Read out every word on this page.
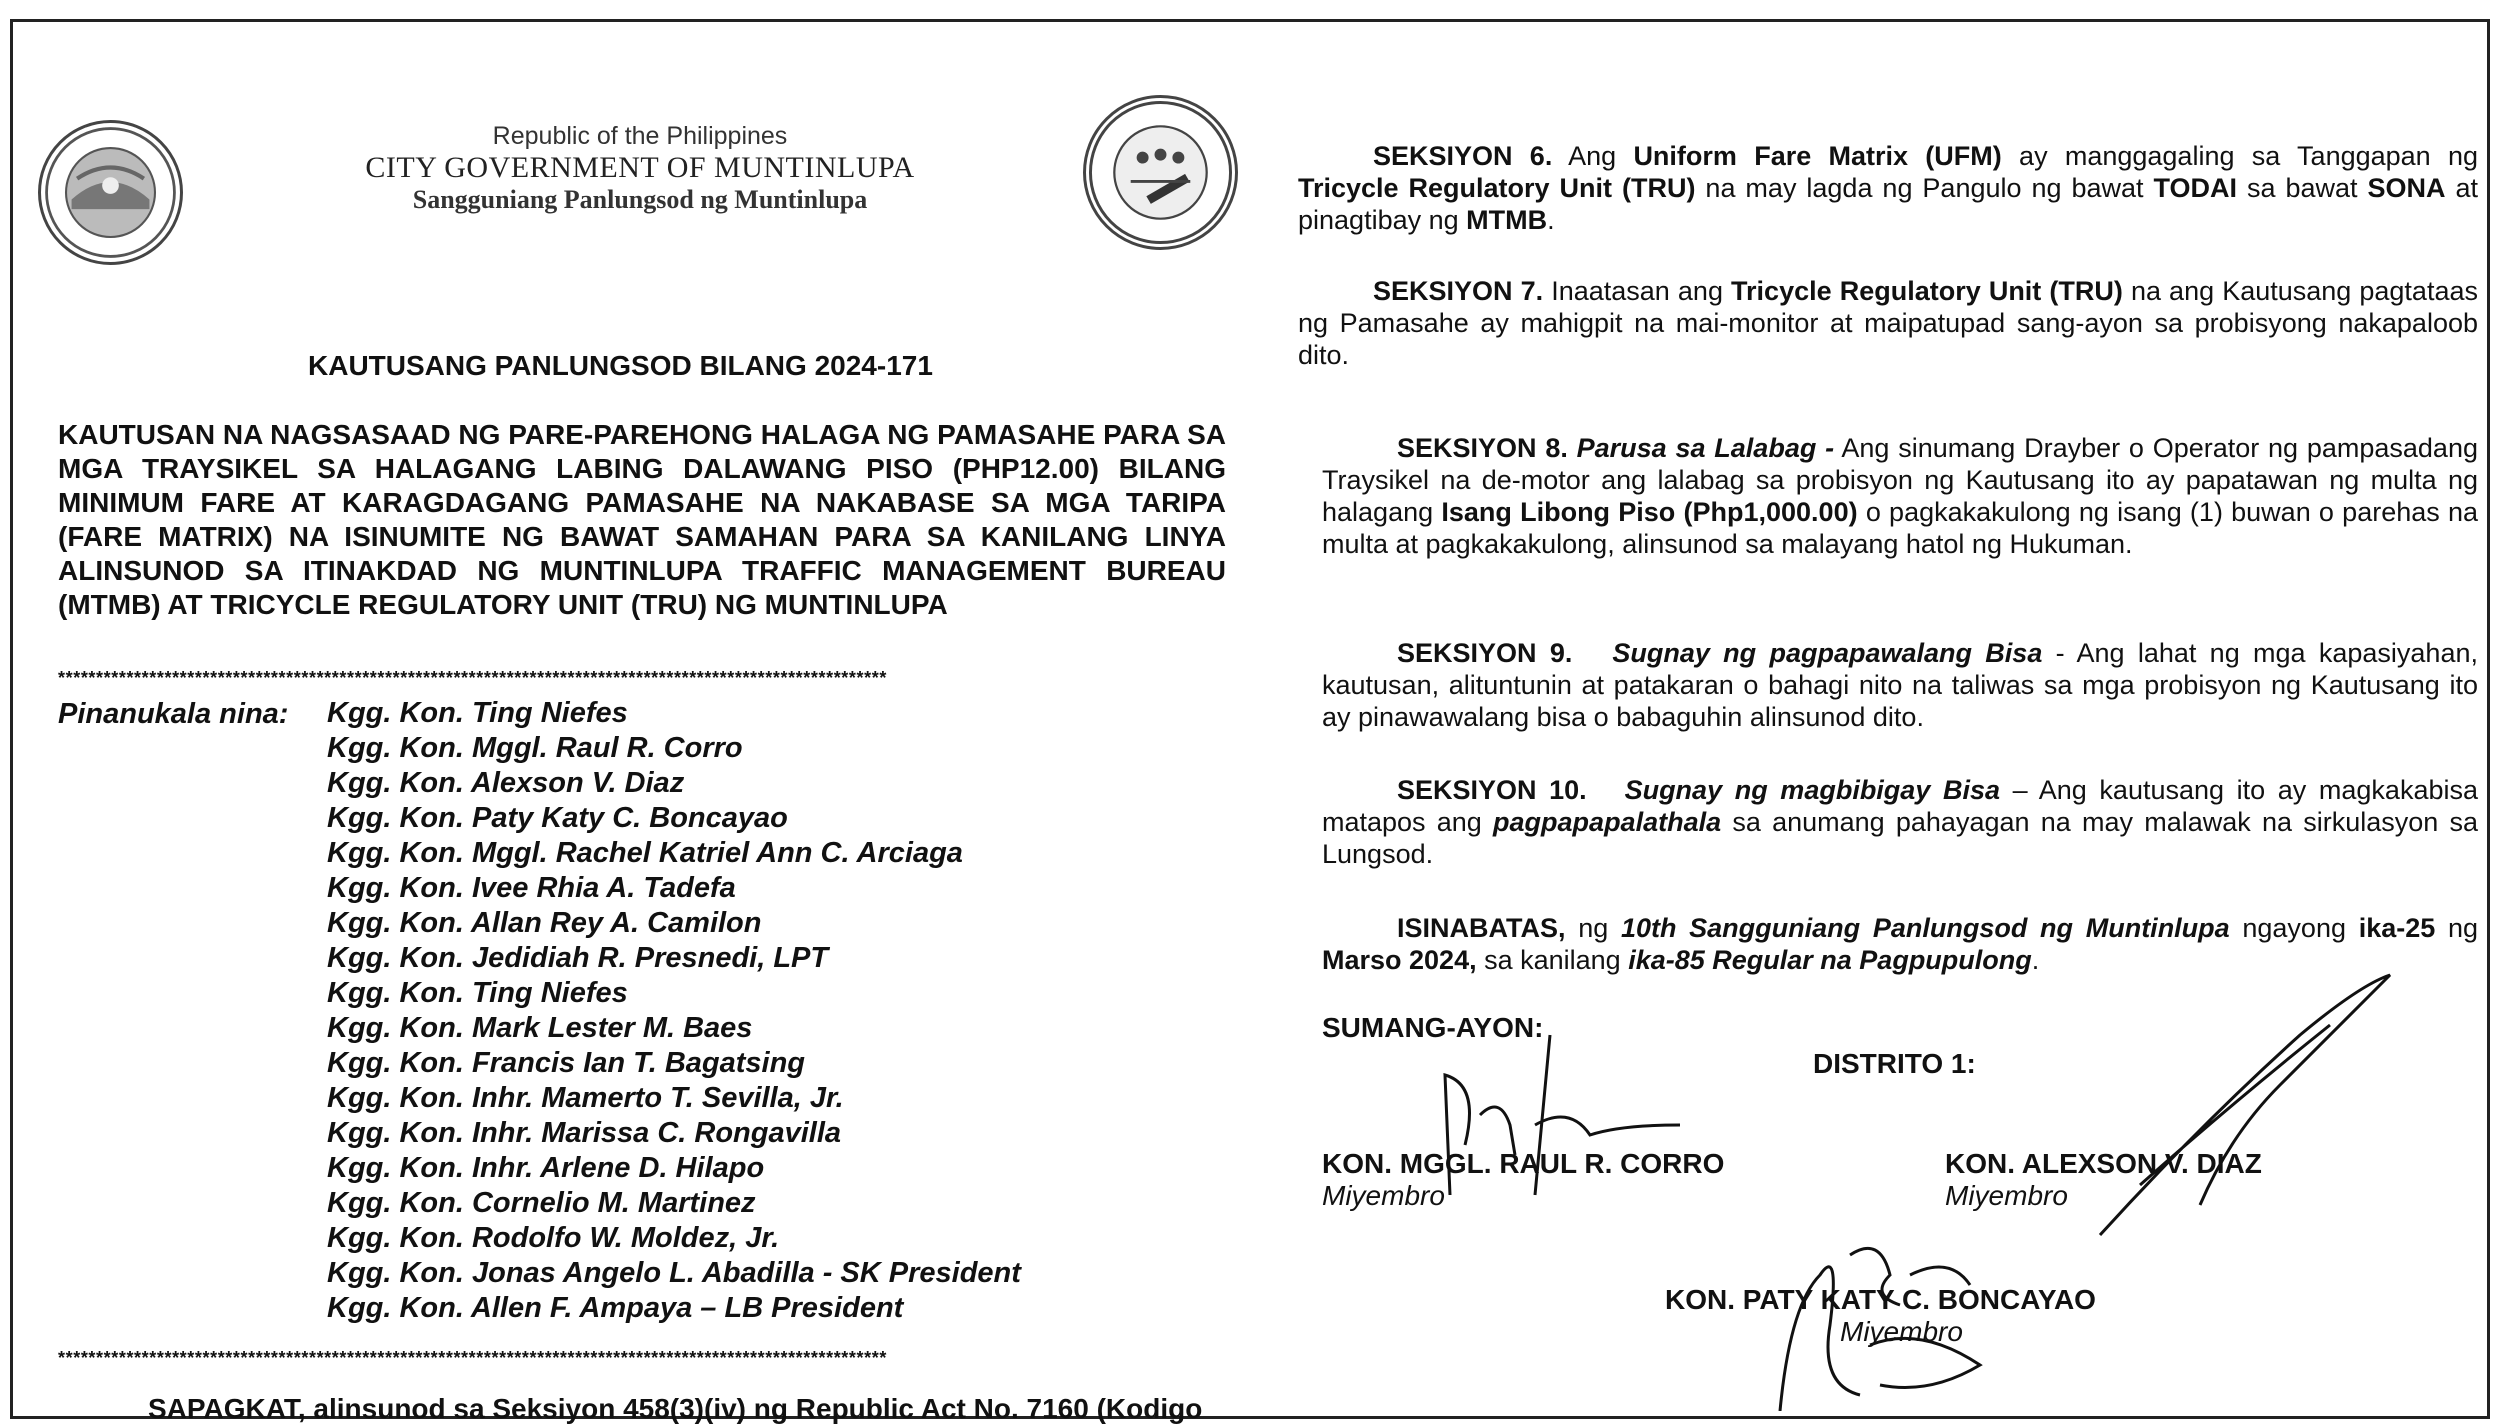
Republic of the Philippines
CITY GOVERNMENT OF MUNTINLUPA
Sangguniang Panlungsod ng Muntinlupa
KAUTUSANG PANLUNGSOD BILANG 2024-171
KAUTUSAN NA NAGSASAAD NG PARE-PAREHONG HALAGA NG PAMASAHE PARA SA MGA TRAYSIKEL SA HALAGANG LABING DALAWANG PISO (PHP12.00) BILANG MINIMUM FARE AT KARAGDAGANG PAMASAHE NA NAKABASE SA MGA TARIPA (FARE MATRIX) NA ISINUMITE NG BAWAT SAMAHAN PARA SA KANILANG LINYA ALINSUNOD SA ITINAKDAD NG MUNTINLUPA TRAFFIC MANAGEMENT BUREAU (MTMB) AT TRICYCLE REGULATORY UNIT (TRU) NG MUNTINLUPA
*************************************************************************************************************
Pinanukala nina: Kgg. Kon. Ting Niefes
Kgg. Kon. Mggl. Raul R. Corro
Kgg. Kon. Alexson V. Diaz
Kgg. Kon. Paty Katy C. Boncayao
Kgg. Kon. Mggl. Rachel Katriel Ann C. Arciaga
Kgg. Kon. Ivee Rhia A. Tadefa
Kgg. Kon. Allan Rey A. Camilon
Kgg. Kon. Jedidiah R. Presnedi, LPT
Kgg. Kon. Ting Niefes
Kgg. Kon. Mark Lester M. Baes
Kgg. Kon. Francis Ian T. Bagatsing
Kgg. Kon. Inhr. Mamerto T. Sevilla, Jr.
Kgg. Kon. Inhr. Marissa C. Rongavilla
Kgg. Kon. Inhr. Arlene D. Hilapo
Kgg. Kon. Cornelio M. Martinez
Kgg. Kon. Rodolfo W. Moldez, Jr.
Kgg. Kon. Jonas Angelo L. Abadilla - SK President
Kgg. Kon. Allen F. Ampaya – LB President
*************************************************************************************************************
SAPAGKAT, alinsunod sa Seksiyon 458(3)(iv) ng Republic Act No. 7160 (Kodigo
SEKSIYON 6. Ang Uniform Fare Matrix (UFM) ay manggagaling sa Tanggapan ng Tricycle Regulatory Unit (TRU) na may lagda ng Pangulo ng bawat TODAI sa bawat SONA at pinagtibay ng MTMB.
SEKSIYON 7. Inaatasan ang Tricycle Regulatory Unit (TRU) na ang Kautusang pagtataas ng Pamasahe ay mahigpit na mai-monitor at maipatupad sang-ayon sa probisyong nakapaloob dito.
SEKSIYON 8. Parusa sa Lalabag - Ang sinumang Drayber o Operator ng pampasadang Traysikel na de-motor ang lalabag sa probisyon ng Kautusang ito ay papatawan ng multa ng halagang Isang Libong Piso (Php1,000.00) o pagkakakulong ng isang (1) buwan o parehas na multa at pagkakakulong, alinsunod sa malayang hatol ng Hukuman.
SEKSIYON 9. Sugnay ng pagpapawalang Bisa - Ang lahat ng mga kapasiyahan, kautusan, alituntunin at patakaran o bahagi nito na taliwas sa mga probisyon ng Kautusang ito ay pinawawalang bisa o babaguhin alinsunod dito.
SEKSIYON 10. Sugnay ng magbibigay Bisa – Ang kautusang ito ay magkakabisa matapos ang pagpapapalathala sa anumang pahayagan na may malawak na sirkulasyon sa Lungsod.
ISINABATAS, ng 10th Sangguniang Panlungsod ng Muntinlupa ngayong ika-25 ng Marso 2024, sa kanilang ika-85 Regular na Pagpupulong.
SUMANG-AYON:
DISTRITO 1:
KON. MGGL. RAUL R. CORRO
Miyembro
KON. ALEXSON V. DIAZ
Miyembro
KON. PATY KATY C. BONCAYAO
Miyembro
